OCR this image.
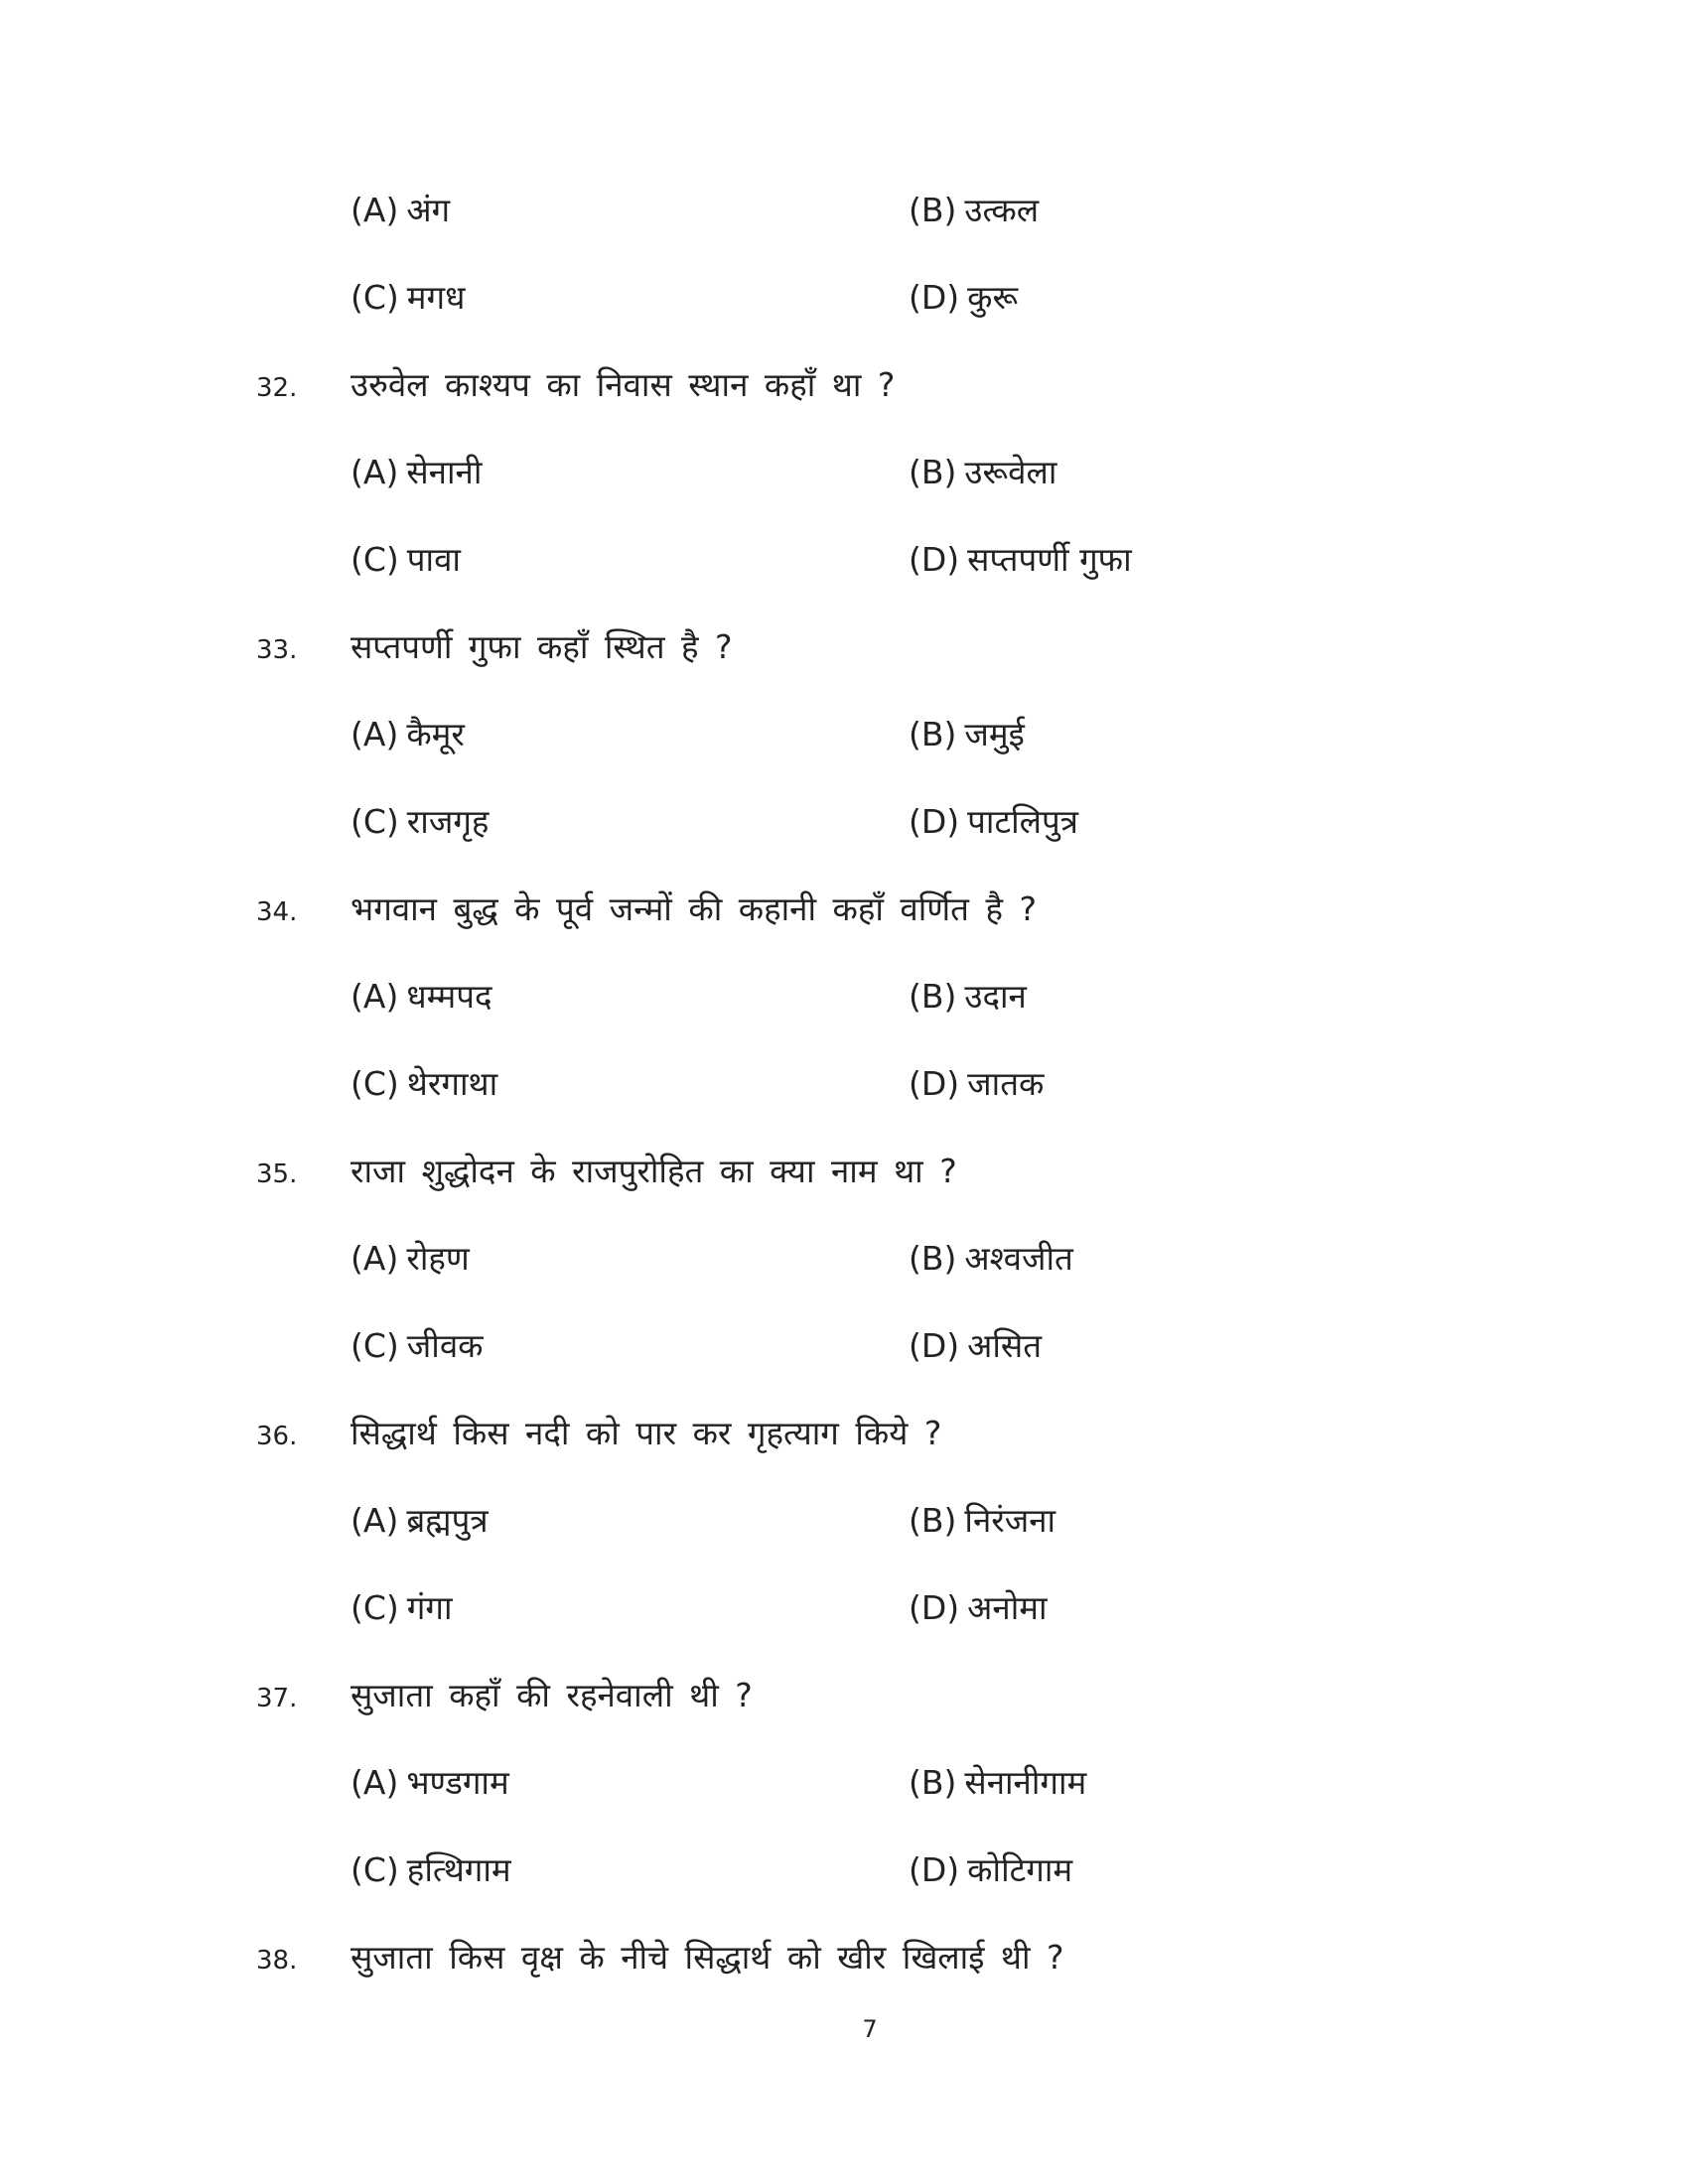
(A) अंग	(B) उत्कल
(C) मगध	(D) कुरू
32. उरुवेल काश्यप का निवास स्थान कहाँ था ?
(A) सेनानी	(B) उरूवेला
(C) पावा	(D) सप्तपर्णी गुफा
33. सप्तपर्णी गुफा कहाँ स्थित है ?
(A) कैमूर	(B) जमुई
(C) राजगृह	(D) पाटलिपुत्र
34. भगवान बुद्ध के पूर्व जन्मों की कहानी कहाँ वर्णित है ?
(A) धम्मपद	(B) उदान
(C) थेरगाथा	(D) जातक
35. राजा शुद्धोदन के राजपुरोहित का क्या नाम था ?
(A) रोहण	(B) अश्वजीत
(C) जीवक	(D) असित
36. सिद्धार्थ किस नदी को पार कर गृहत्याग किये ?
(A) ब्रह्मपुत्र	(B) निरंजना
(C) गंगा	(D) अनोमा
37. सुजाता कहाँ की रहनेवाली थी ?
(A) भण्डगाम	(B) सेनानीगाम
(C) हत्थिगाम	(D) कोटिगाम
38. सुजाता किस वृक्ष के नीचे सिद्धार्थ को खीर खिलाई थी ?
7
